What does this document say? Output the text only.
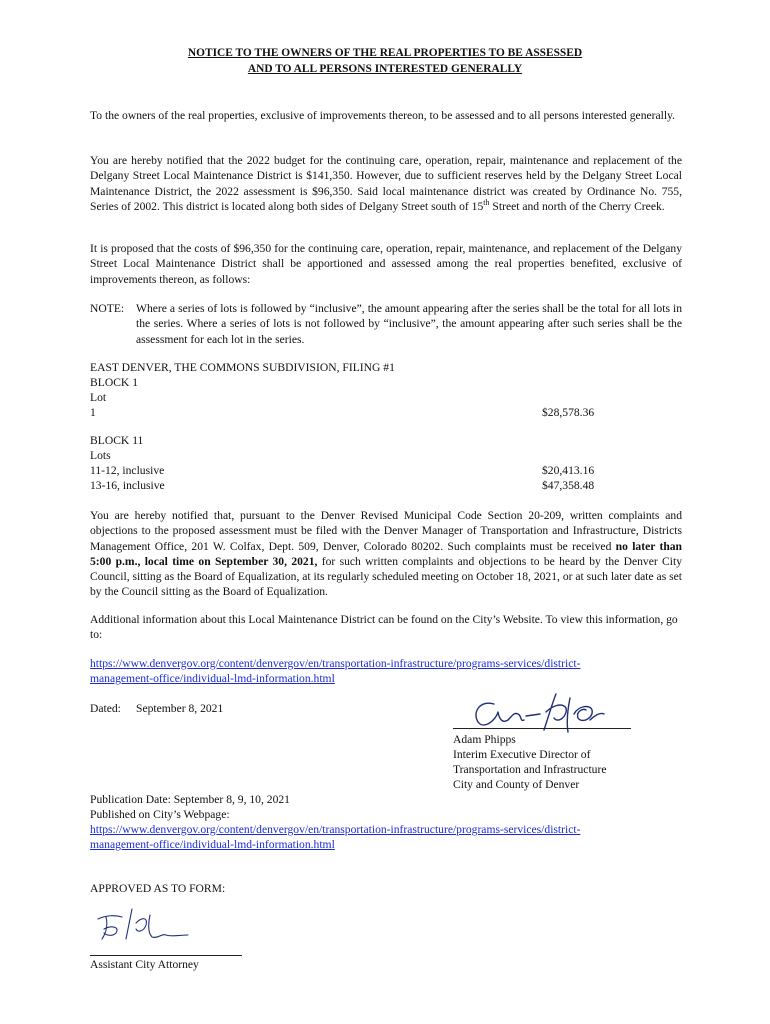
NOTICE TO THE OWNERS OF THE REAL PROPERTIES TO BE ASSESSED
AND TO ALL PERSONS INTERESTED GENERALLY

To the owners of the real properties, exclusive of improvements thereon, to be assessed and to all persons interested generally.

You are hereby notified that the 2022 budget for the continuing care, operation, repair, maintenance and replacement of the Delgany Street Local Maintenance District is $141,350. However, due to sufficient reserves held by the Delgany Street Local Maintenance District, the 2022 assessment is $96,350. Said local maintenance district was created by Ordinance No. 755, Series of 2002. This district is located along both sides of Delgany Street south of 15th Street and north of the Cherry Creek.

It is proposed that the costs of $96,350 for the continuing care, operation, repair, maintenance, and replacement of the Delgany Street Local Maintenance District shall be apportioned and assessed among the real properties benefited, exclusive of improvements thereon, as follows:

NOTE: Where a series of lots is followed by “inclusive”, the amount appearing after the series shall be the total for all lots in the series. Where a series of lots is not followed by “inclusive”, the amount appearing after such series shall be the assessment for each lot in the series.

EAST DENVER, THE COMMONS SUBDIVISION, FILING #1
BLOCK 1
Lot
1	$28,578.36
BLOCK 11
Lots
11-12, inclusive	$20,413.16
13-16, inclusive	$47,358.48

You are hereby notified that, pursuant to the Denver Revised Municipal Code Section 20-209, written complaints and objections to the proposed assessment must be filed with the Denver Manager of Transportation and Infrastructure, Districts Management Office, 201 W. Colfax, Dept. 509, Denver, Colorado 80202. Such complaints must be received no later than 5:00 p.m., local time on September 30, 2021, for such written complaints and objections to be heard by the Denver City Council, sitting as the Board of Equalization, at its regularly scheduled meeting on October 18, 2021, or at such later date as set by the Council sitting as the Board of Equalization.

Additional information about this Local Maintenance District can be found on the City’s Website. To view this information, go to:

https://www.denvergov.org/content/denvergov/en/transportation-infrastructure/programs-services/district-
management-office/individual-lmd-information.html
Dated: September 8, 2021
Adam Phipps
Interim Executive Director of
Transportation and Infrastructure
City and County of Denver
Publication Date: September 8, 9, 10, 2021
Published on City’s Webpage:
https://www.denvergov.org/content/denvergov/en/transportation-infrastructure/programs-services/district-
management-office/individual-lmd-information.html
APPROVED AS TO FORM:
Assistant City Attorney
